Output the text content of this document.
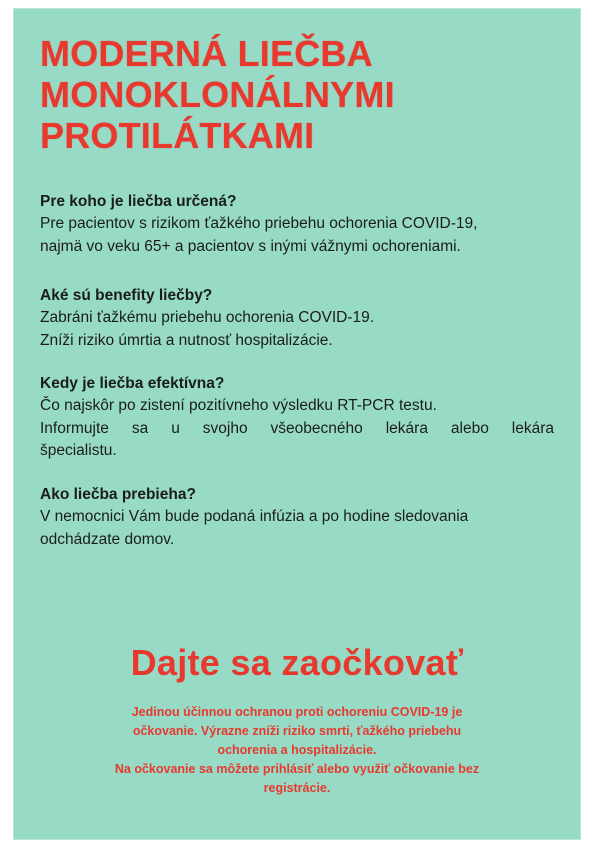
MODERNÁ LIEČBA
MONOKLONÁLNYMI
PROTILÁTKAMI

Pre koho je liečba určená?

Pre pacientov s rizikom ťažkého priebehu ochorenia COVID-19,
najmä vo veku 65+ a pacientov s inými vážnymi ochoreniami.

Aké sú benefity liečby?

Zabráni ťažkému priebehu ochorenia COVID-19.
Zníži riziko úmrtia a nutnosť hospitalizácie.

Kedy je liečba efektívna?

Čo najskôr po zistení pozitívneho výsledku RT-PCR testu.
Informujte sa u svojho všeobecného lekára alebo lekára
špecialistu.

Ako liečba prebieha?

V nemocnici Vám bude podaná infúzia a po hodine sledovania
odchádzate domov.

Dajte sa zaočkovať

Jedinou účinnou ochranou proti ochoreniu COVID-19 je
očkovanie. Výrazne zníži riziko smrti, ťažkého priebehu
ochorenia a hospitalizácie.

Na očkovanie sa môžete prihlásiť alebo využiť očkovanie bez
registrácie.
